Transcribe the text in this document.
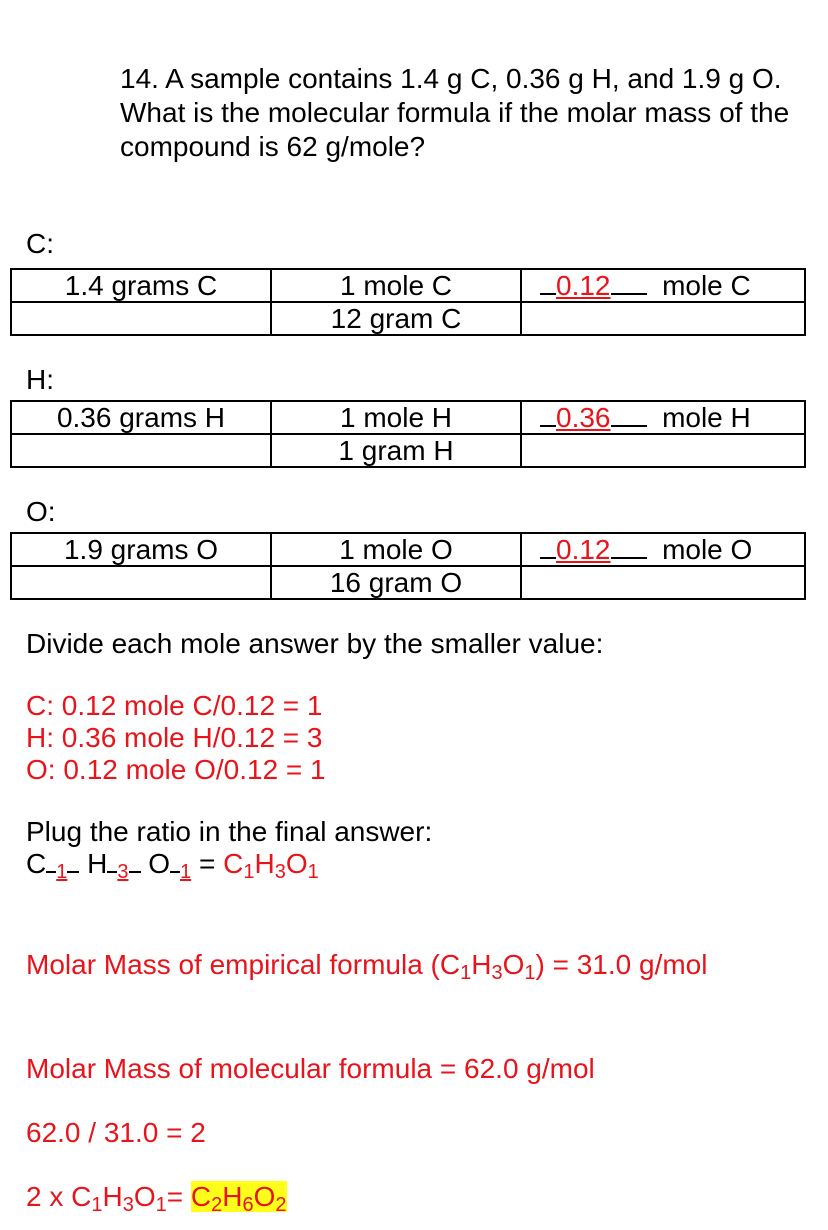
14. A sample contains 1.4 g C, 0.36 g H, and 1.9 g O. What is the molecular formula if the molar mass of the compound is 62 g/mole?
C:
1.4 grams C	1 mole C	0.12 mole C
	12 gram C	
H:
0.36 grams H	1 mole H	0.36 mole H
	1 gram H	
O:
1.9 grams O	1 mole O	0.12 mole O
	16 gram O	
Divide each mole answer by the smaller value:
C: 0.12 mole C/0.12 = 1
H: 0.36 mole H/0.12 = 3
O: 0.12 mole O/0.12 = 1
Plug the ratio in the final answer:
C $_1$ H $_3$ O $_1 = C_1H_3O_1$
Molar Mass of empirical formula $(C_1H_3O_1) = 31.0$ g/mol
Molar Mass of molecular formula = 62.0 g/mol
62.0 / 31.0 = 2
2 x $C_1H_3O_1= C_2H_6O_2$
